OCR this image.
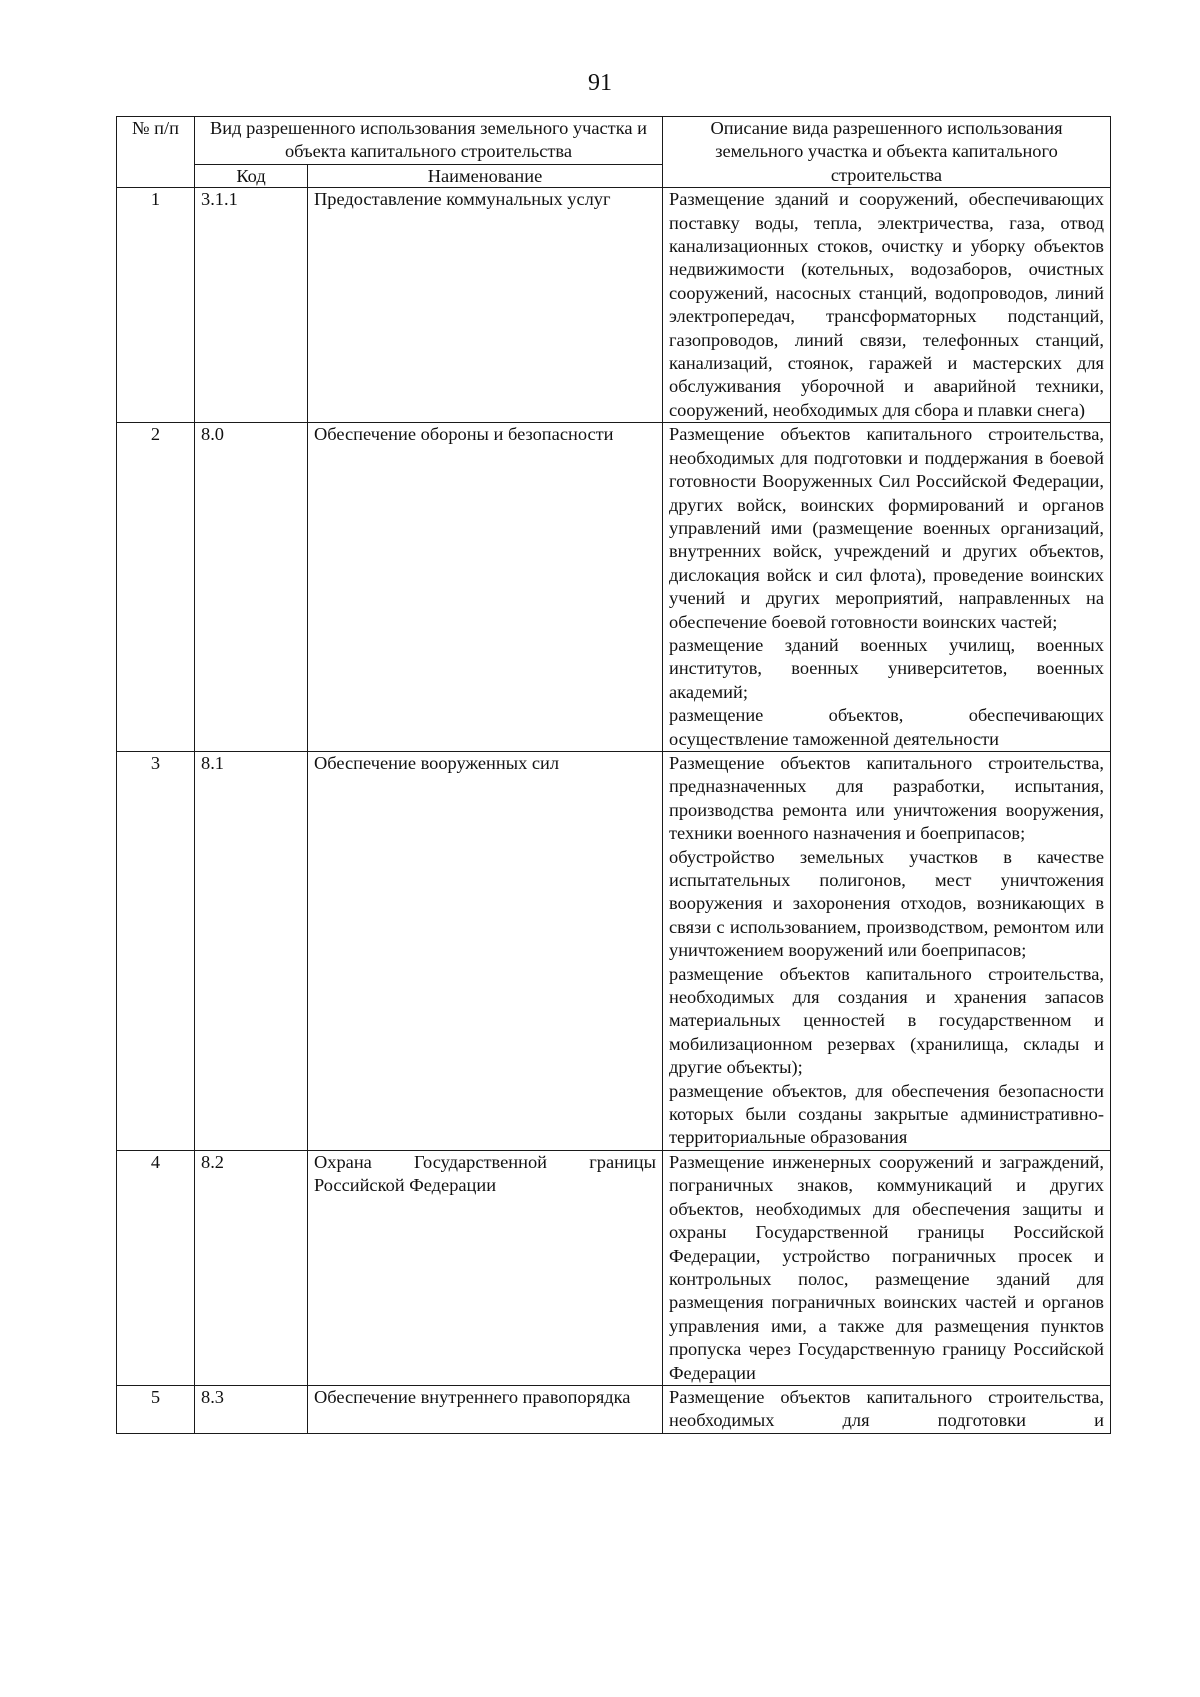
91
№ п/п	Вид разрешенного использования земельного участка и объекта капитального строительства		Описание вида разрешенного использования земельного участка и объекта капитального строительства
	Код	Наименование	
1	3.1.1	Предоставление коммунальных услуг	Размещение зданий и сооружений, обеспечивающих поставку воды, тепла, электричества, газа, отвод канализационных стоков, очистку и уборку объектов недвижимости (котельных, водозаборов, очистных сооружений, насосных станций, водопроводов, линий электропередач, трансформаторных подстанций, газопроводов, линий связи, телефонных станций, канализаций, стоянок, гаражей и мастерских для обслуживания уборочной и аварийной техники, сооружений, необходимых для сбора и плавки снега)

2	8.0	Обеспечение обороны и безопасности	Размещение объектов капитального строительства, необходимых для подготовки и поддержания в боевой готовности Вооруженных Сил Российской Федерации, других войск, воинских формирований и органов управлений ими (размещение военных организаций, внутренних войск, учреждений и других объектов, дислокация войск и сил флота), проведение воинских учений и других мероприятий, направленных на обеспечение боевой готовности воинских частей;
размещение зданий военных училищ, военных институтов, военных университетов, военных академий;
размещение объектов, обеспечивающих осуществление таможенной деятельности

3	8.1	Обеспечение вооруженных сил	Размещение объектов капитального строительства, предназначенных для разработки, испытания, производства ремонта или уничтожения вооружения, техники военного назначения и боеприпасов;
обустройство земельных участков в качестве испытательных полигонов, мест уничтожения вооружения и захоронения отходов, возникающих в связи с использованием, производством, ремонтом или уничтожением вооружений или боеприпасов;
размещение объектов капитального строительства, необходимых для создания и хранения запасов материальных ценностей в государственном и мобилизационном резервах (хранилища, склады и другие объекты);
размещение объектов, для обеспечения безопасности которых были созданы закрытые административно-территориальные образования

4	8.2	Охрана Государственной границы Российской Федерации	Размещение инженерных сооружений и заграждений, пограничных знаков, коммуникаций и других объектов, необходимых для обеспечения защиты и охраны Государственной границы Российской Федерации, устройство пограничных просек и контрольных полос, размещение зданий для размещения пограничных воинских частей и органов управления ими, а также для размещения пунктов пропуска через Государственную границу Российской Федерации

5	8.3	Обеспечение внутреннего правопорядка	Размещение объектов капитального строительства, необходимых для подготовки и
